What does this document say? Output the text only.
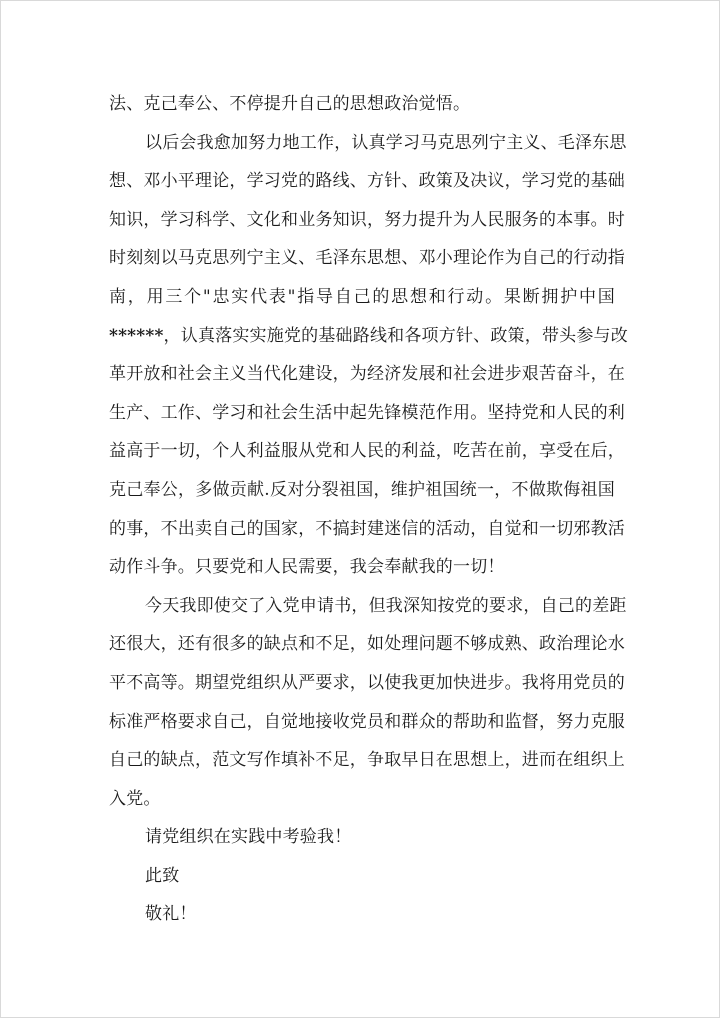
法、克己奉公、不停提升自己的思想政治觉悟。
以后会我愈加努力地工作，认真学习马克思列宁主义、毛泽东思
想、邓小平理论，学习党的路线、方针、政策及决议，学习党的基础
知识，学习科学、文化和业务知识，努力提升为人民服务的本事。时
时刻刻以马克思列宁主义、毛泽东思想、邓小理论作为自己的行动指
南，用三个"忠实代表"指导自己的思想和行动。果断拥护中国
******，认真落实实施党的基础路线和各项方针、政策，带头参与改
革开放和社会主义当代化建设，为经济发展和社会进步艰苦奋斗，在
生产、工作、学习和社会生活中起先锋模范作用。坚持党和人民的利
益高于一切，个人利益服从党和人民的利益，吃苦在前，享受在后，
克己奉公，多做贡献.反对分裂祖国，维护祖国统一，不做欺侮祖国
的事，不出卖自己的国家，不搞封建迷信的活动，自觉和一切邪教活
动作斗争。只要党和人民需要，我会奉献我的一切！
今天我即使交了入党申请书，但我深知按党的要求，自己的差距
还很大，还有很多的缺点和不足，如处理问题不够成熟、政治理论水
平不高等。期望党组织从严要求，以使我更加快进步。我将用党员的
标准严格要求自己，自觉地接收党员和群众的帮助和监督，努力克服
自己的缺点，范文写作填补不足，争取早日在思想上，进而在组织上
入党。
请党组织在实践中考验我！
此致
敬礼！
